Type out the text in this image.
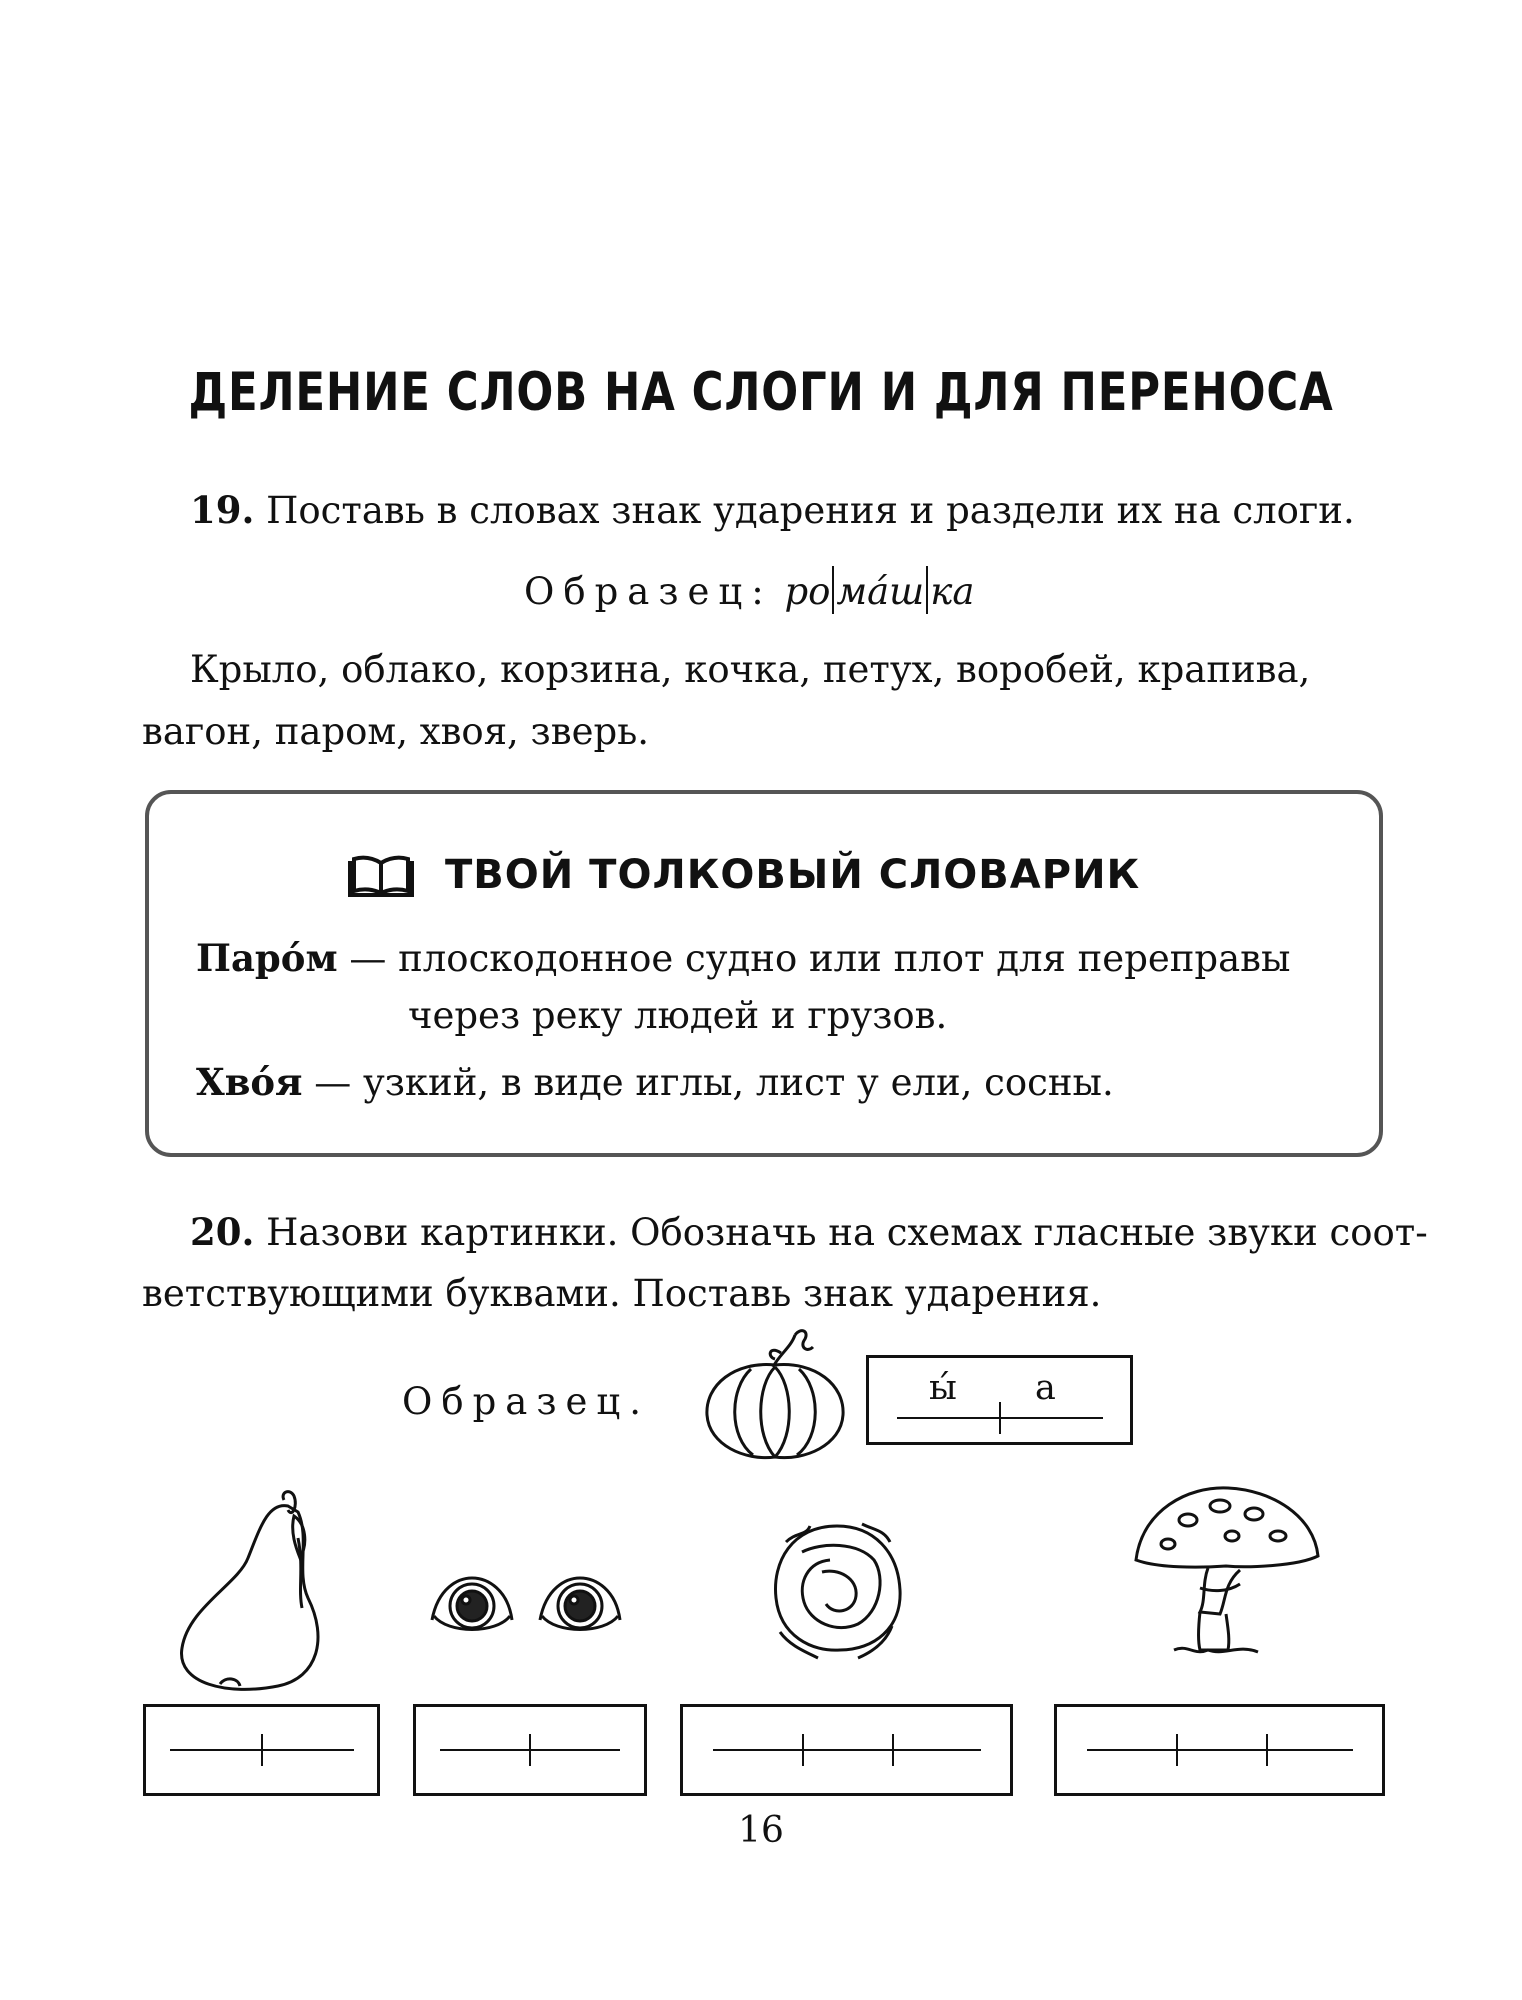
ДЕЛЕНИЕ СЛОВ НА СЛОГИ И ДЛЯ ПЕРЕНОСА
19. Поставь в словах знак ударения и раздели их на слоги.
Образец: ро ма́ш ка
Крыло, облако, корзина, кочка, петух, воробей, крапива,
вагон, паром, хвоя, зверь.
ТВОЙ ТОЛКОВЫЙ СЛОВАРИК
Паро́м — плоскодонное судно или плот для переправы
через реку людей и грузов.
Хво́я — узкий, в виде иглы, лист у ели, сосны.
20. Назови картинки. Обозначь на схемах гласные звуки соот-
ветствующими буквами. Поставь знак ударения.
Образец.	ы́ а
16
